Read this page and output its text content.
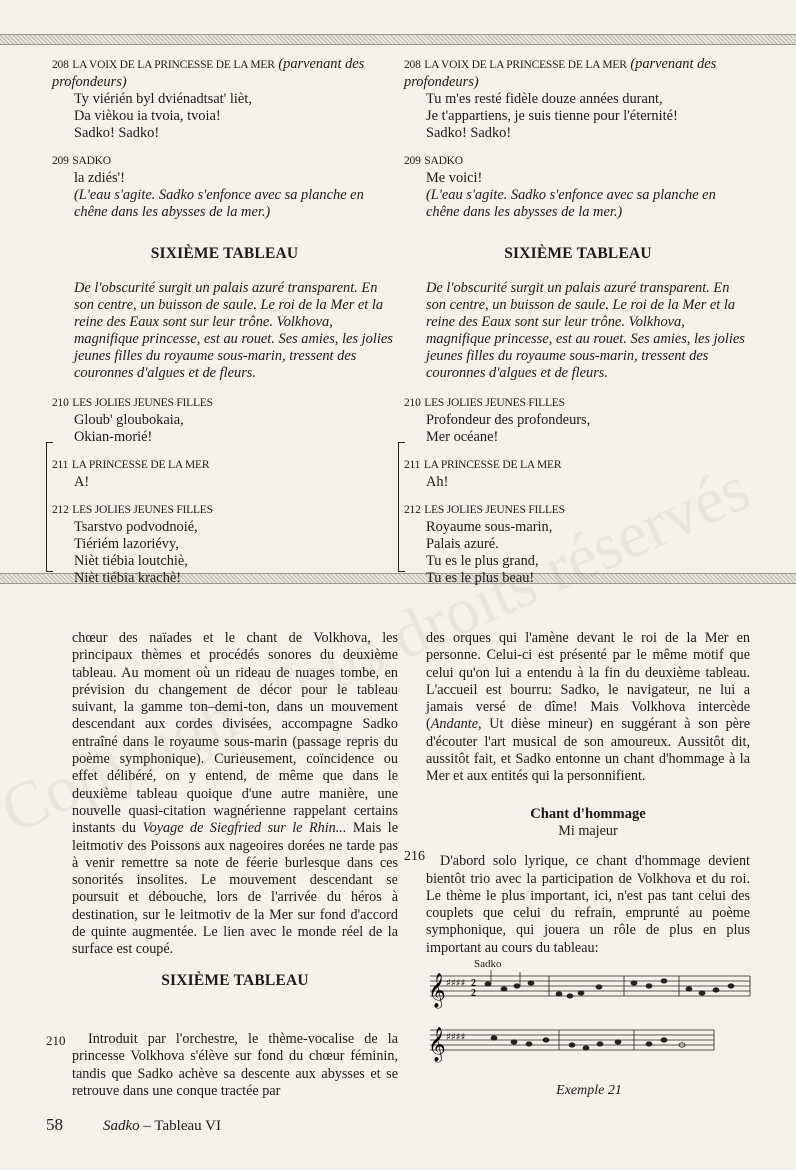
208 LA VOIX DE LA PRINCESSE DE LA MER (parvenant des profondeurs)
Ty viérién byl dviénadtsat' lièt,
Da vièkou ia tvoia, tvoia!
Sadko! Sadko!
209 SADKO
la zdiés'!
(L'eau s'agite. Sadko s'enfonce avec sa planche en chêne dans les abysses de la mer.)
SIXIÈME TABLEAU
De l'obscurité surgit un palais azuré transparent. En son centre, un buisson de saule. Le roi de la Mer et la reine des Eaux sont sur leur trône. Volkhova, magnifique princesse, est au rouet. Ses amies, les jolies jeunes filles du royaume sous-marin, tressent des couronnes d'algues et de fleurs.
210 LES JOLIES JEUNES FILLES
Gloub' gloubokaia,
Okian-morié!
211 LA PRINCESSE DE LA MER
A!
212 LES JOLIES JEUNES FILLES
Tsarstvo podvodnoié,
Tiériém lazoriévy,
Nièt tiébia loutchiè,
Nièt tiébia krachè!
208 LA VOIX DE LA PRINCESSE DE LA MER (parvenant des profondeurs)
Tu m'es resté fidèle douze années durant,
Je t'appartiens, je suis tienne pour l'éternité!
Sadko! Sadko!
209 SADKO
Me voici!
(L'eau s'agite. Sadko s'enfonce avec sa planche en chêne dans les abysses de la mer.)
SIXIÈME TABLEAU
De l'obscurité surgit un palais azuré transparent. En son centre, un buisson de saule. Le roi de la Mer et la reine des Eaux sont sur leur trône. Volkhova, magnifique princesse, est au rouet. Ses amies, les jolies jeunes filles du royaume sous-marin, tressent des couronnes d'algues et de fleurs.
210 LES JOLIES JEUNES FILLES
Profondeur des profondeurs,
Mer océane!
211 LA PRINCESSE DE LA MER
Ah!
212 LES JOLIES JEUNES FILLES
Royaume sous-marin,
Palais azuré.
Tu es le plus grand,
Tu es le plus beau!

chœur des naïades et le chant de Volkhova, les principaux thèmes et procédés sonores du deuxième tableau. Au moment où un rideau de nuages tombe, en prévision du changement de décor pour le tableau suivant, la gamme ton–demi-ton, dans un mouvement descendant aux cordes divisées, accompagne Sadko entraîné dans le royaume sous-marin (passage repris du poème symphonique). Curieusement, coïncidence ou effet délibéré, on y entend, de même que dans le deuxième tableau quoique d'une autre manière, une nouvelle quasi-citation wagnérienne rappelant certains instants du Voyage de Siegfried sur le Rhin... Mais le leitmotiv des Poissons aux nageoires dorées ne tarde pas à venir remettre sa note de féerie burlesque dans ces sonorités insolites. Le mouvement descendant se poursuit et débouche, lors de l'arrivée du héros à destination, sur le leitmotiv de la Mer sur fond d'accord de quinte augmentée. Le lien avec le monde réel de la surface est coupé.

SIXIÈME TABLEAU
210	Introduit par l'orchestre, le thème-vocalise de la princesse Volkhova s'élève sur fond du chœur féminin, tandis que Sadko achève sa descente aux abysses et se retrouve dans une conque tractée par

des orques qui l'amène devant le roi de la Mer en personne. Celui-ci est présenté par le même motif que celui qu'on lui a entendu à la fin du deuxième tableau. L'accueil est bourru: Sadko, le navigateur, ne lui a jamais versé de dîme! Mais Volkhova intercède (Andante, Ut dièse mineur) en suggérant à son père d'écouter l'art musical de son amoureux. Aussitôt dit, aussitôt fait, et Sadko entonne un chant d'hommage à la Mer et aux entités qui la personnifient.

Chant d'hommage
Mi majeur

D'abord solo lyrique, ce chant d'hommage devient bientôt trio avec la participation de Volkhova et du roi. Le thème le plus important, ici, n'est pas tant celui des couplets que celui du refrain, emprunté au poème symphonique, qui jouera un rôle de plus en plus important au cours du tableau:

216
Sadko
𝄞
𝄞
♯♯♯♯
♯♯♯♯
2
2
Exemple 21
58	Sadko – Tableau VI
